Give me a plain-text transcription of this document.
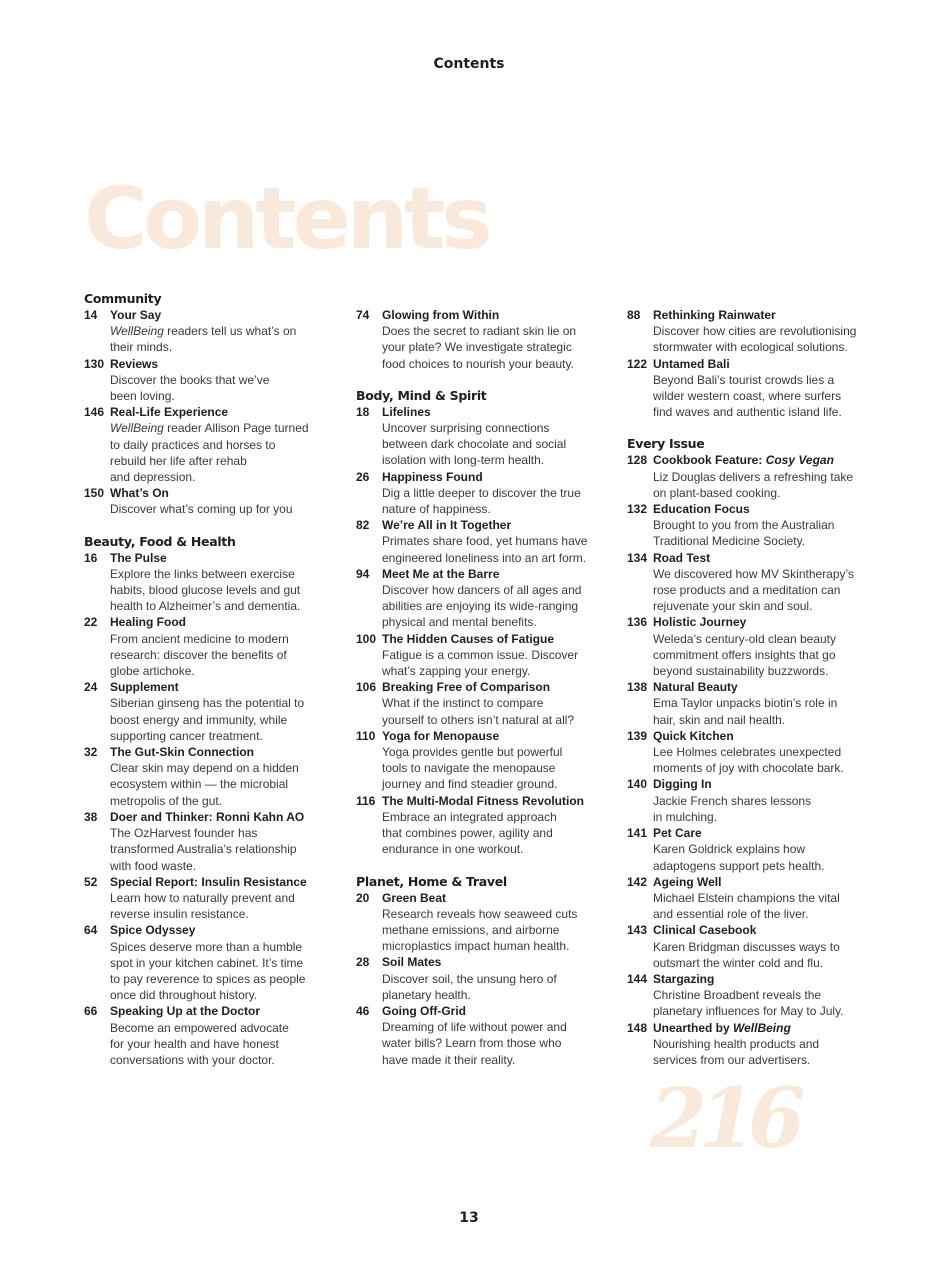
Contents
Contents
Community
14	Your Say
WellBeing readers tell us what’s on
their minds.
130 Reviews
Discover the books that we’ve
been loving.
146 Real-Life Experience
WellBeing reader Allison Page turned
to daily practices and horses to
rebuild her life after rehab
and depression.
150 What’s On
Discover what’s coming up for you
Beauty, Food & Health
16	The Pulse
Explore the links between exercise
habits, blood glucose levels and gut
health to Alzheimer’s and dementia.
22	Healing Food
From ancient medicine to modern
research: discover the benefits of
globe artichoke.
24	Supplement
Siberian ginseng has the potential to
boost energy and immunity, while
supporting cancer treatment.
32	The Gut-Skin Connection
Clear skin may depend on a hidden
ecosystem within — the microbial
metropolis of the gut.
38	Doer and Thinker: Ronni Kahn AO
The OzHarvest founder has
transformed Australia’s relationship
with food waste.
52	Special Report: Insulin Resistance
Learn how to naturally prevent and
reverse insulin resistance.
64	Spice Odyssey
Spices deserve more than a humble
spot in your kitchen cabinet. It’s time
to pay reverence to spices as people
once did throughout history.
66	Speaking Up at the Doctor
Become an empowered advocate
for your health and have honest
conversations with your doctor.
74	Glowing from Within
Does the secret to radiant skin lie on
your plate? We investigate strategic
food choices to nourish your beauty.
Body, Mind & Spirit
18	Lifelines
Uncover surprising connections
between dark chocolate and social
isolation with long-term health.
26	Happiness Found
Dig a little deeper to discover the true
nature of happiness.
82	We’re All in It Together
Primates share food, yet humans have
engineered loneliness into an art form.
94	Meet Me at the Barre
Discover how dancers of all ages and
abilities are enjoying its wide-ranging
physical and mental benefits.
100 The Hidden Causes of Fatigue
Fatigue is a common issue. Discover
what’s zapping your energy.
106 Breaking Free of Comparison
What if the instinct to compare
yourself to others isn’t natural at all?
110 Yoga for Menopause
Yoga provides gentle but powerful
tools to navigate the menopause
journey and find steadier ground.
116 The Multi-Modal Fitness Revolution
Embrace an integrated approach
that combines power, agility and
endurance in one workout.
Planet, Home & Travel
20	Green Beat
Research reveals how seaweed cuts
methane emissions, and airborne
microplastics impact human health.
28	Soil Mates
Discover soil, the unsung hero of
planetary health.
46	Going Off-Grid
Dreaming of life without power and
water bills? Learn from those who
have made it their reality.
88	Rethinking Rainwater
Discover how cities are revolutionising
stormwater with ecological solutions.
122 Untamed Bali
Beyond Bali’s tourist crowds lies a
wilder western coast, where surfers
find waves and authentic island life.
Every Issue
128 Cookbook Feature: Cosy Vegan
Liz Douglas delivers a refreshing take
on plant-based cooking.
132 Education Focus
Brought to you from the Australian
Traditional Medicine Society.
134 Road Test
We discovered how MV Skintherapy’s
rose products and a meditation can
rejuvenate your skin and soul.
136 Holistic Journey
Weleda’s century-old clean beauty
commitment offers insights that go
beyond sustainability buzzwords.
138 Natural Beauty
Ema Taylor unpacks biotin’s role in
hair, skin and nail health.
139 Quick Kitchen
Lee Holmes celebrates unexpected
moments of joy with chocolate bark.
140 Digging In
Jackie French shares lessons
in mulching.
141 Pet Care
Karen Goldrick explains how
adaptogens support pets health.
142 Ageing Well
Michael Elstein champions the vital
and essential role of the liver.
143 Clinical Casebook
Karen Bridgman discusses ways to
outsmart the winter cold and flu.
144 Stargazing
Christine Broadbent reveals the
planetary influences for May to July.
148 Unearthed by WellBeing
Nourishing health products and
services from our advertisers.
216
13
